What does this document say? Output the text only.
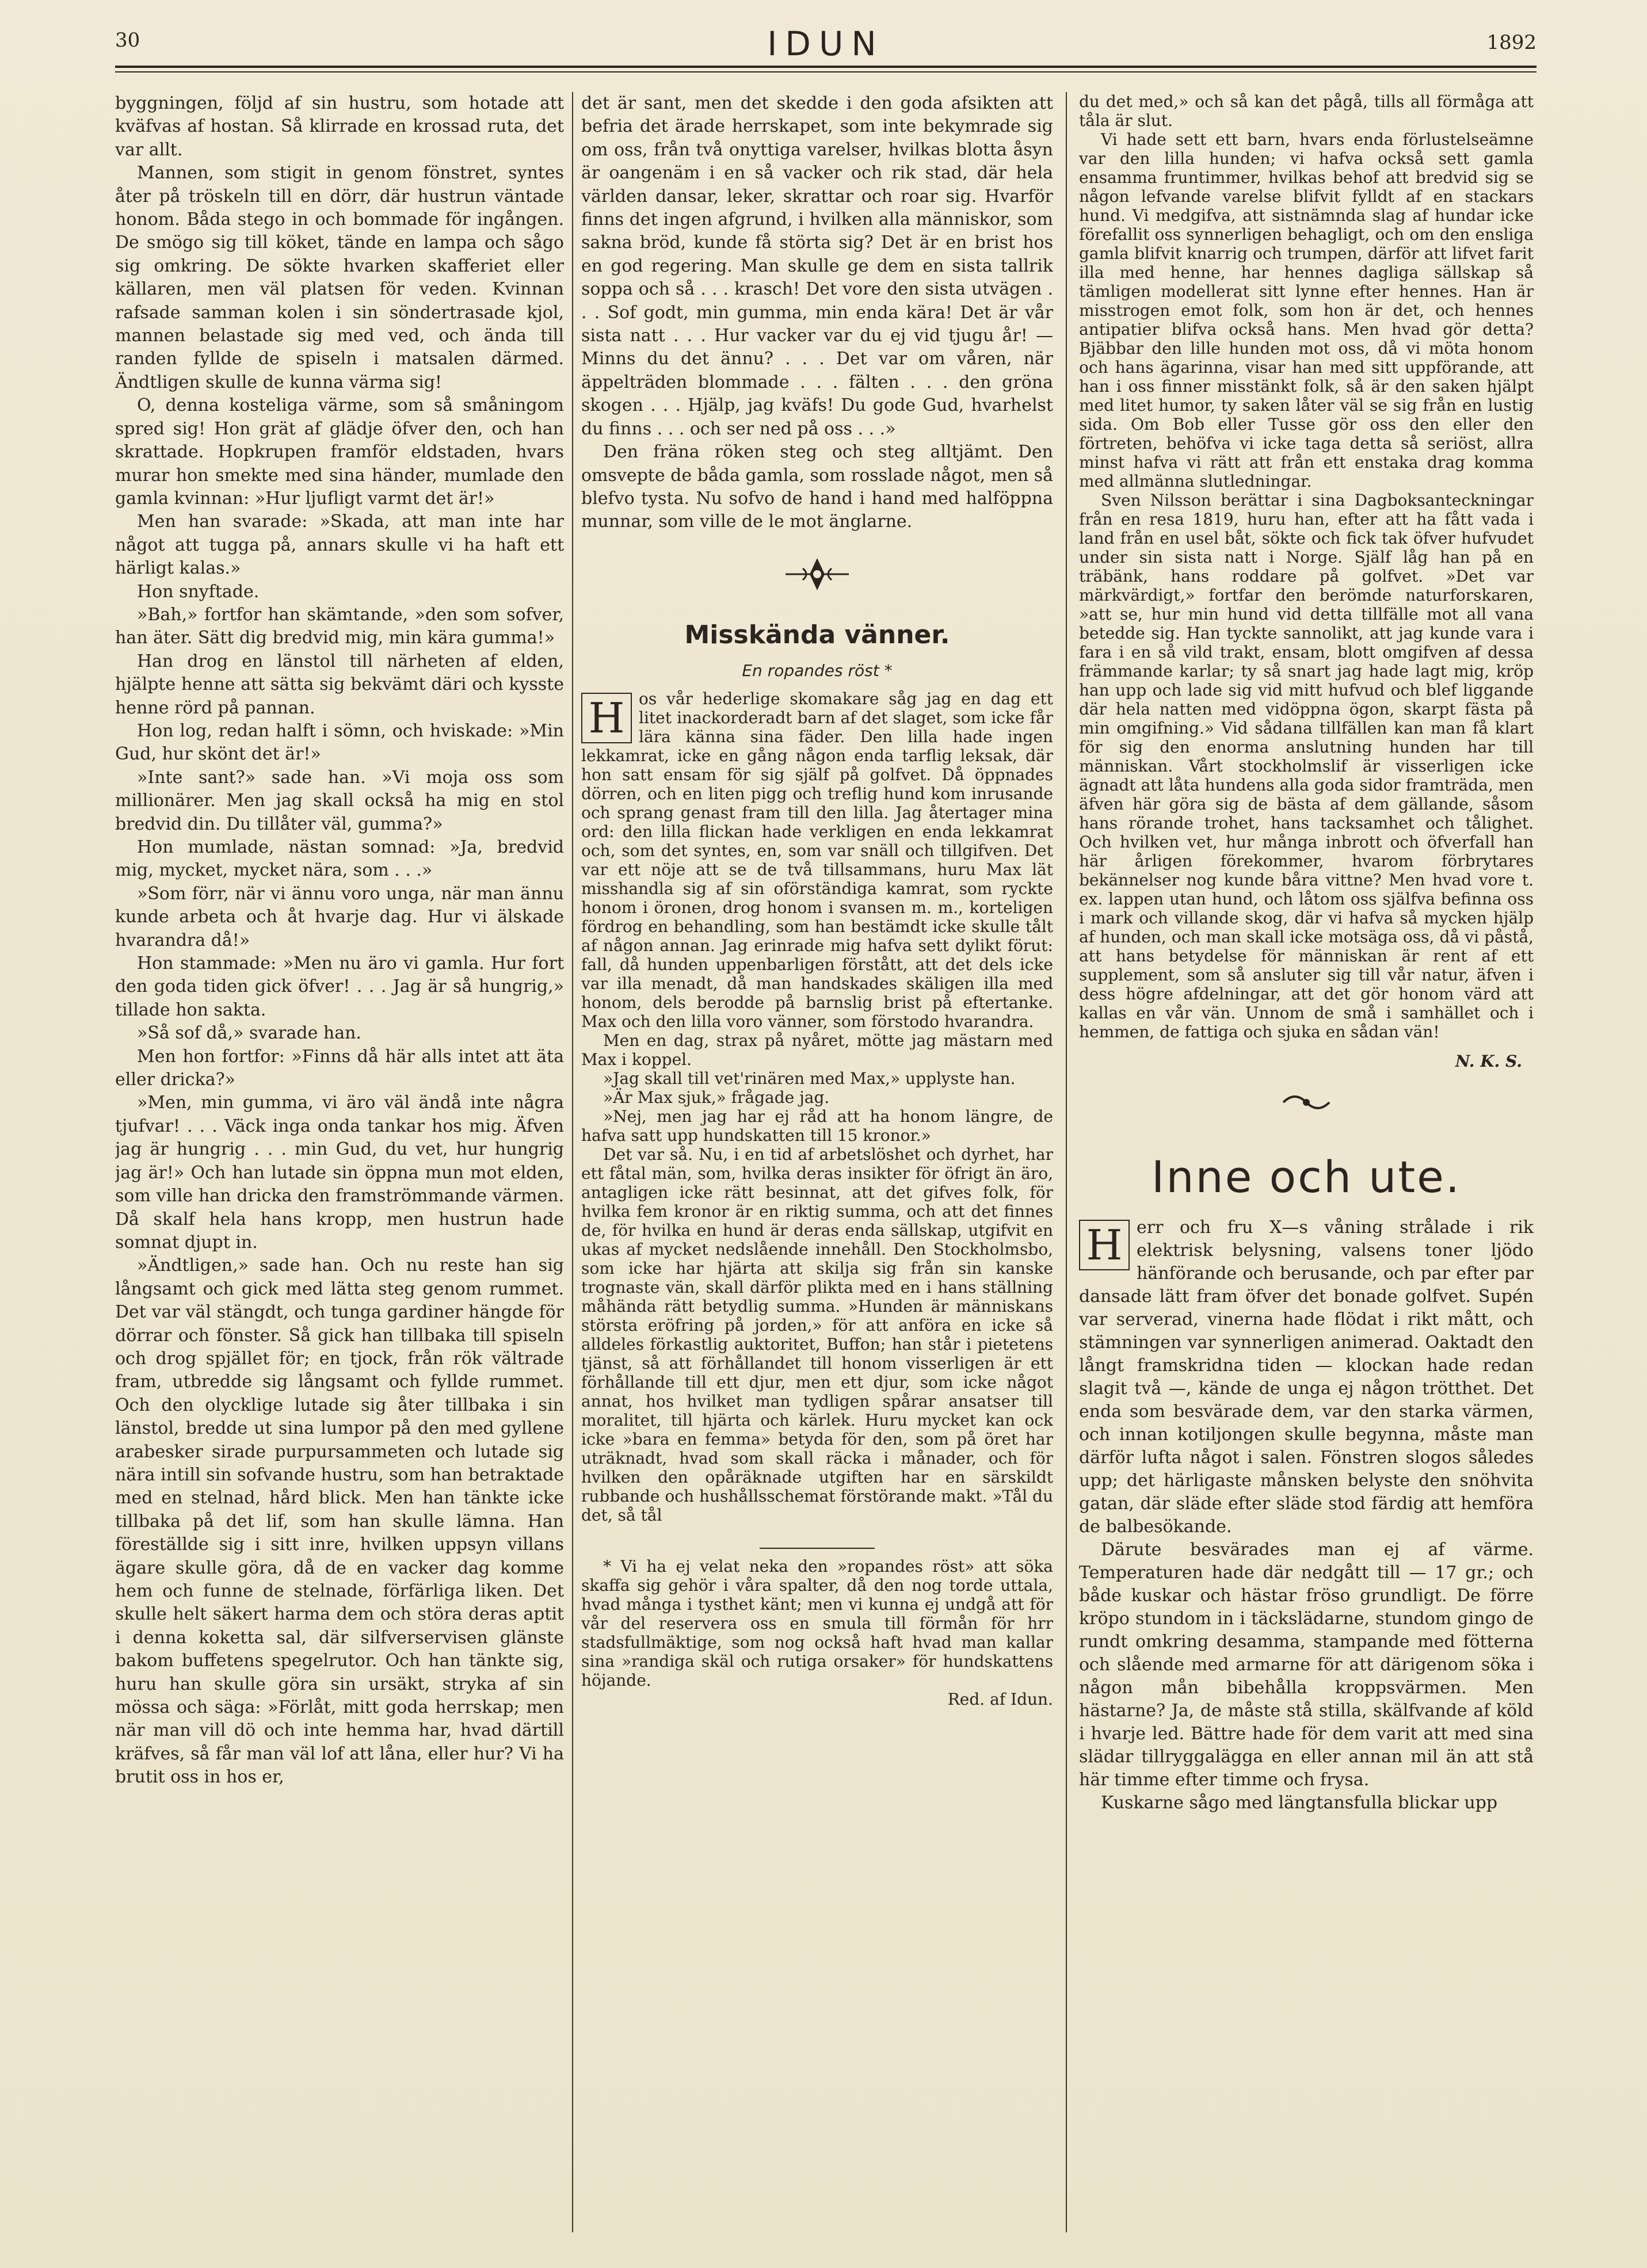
30	IDUN	1892

byggningen, följd af sin hustru, som hotade att kväfvas af hostan. Så klirrade en krossad ruta, det var allt.

Mannen, som stigit in genom fönstret, syntes åter på tröskeln till en dörr, där hustrun väntade honom. Båda stego in och bommade för ingången. De smögo sig till köket, tände en lampa och sågo sig omkring. De sökte hvarken skafferiet eller källaren, men väl platsen för veden. Kvinnan rafsade samman kolen i sin söndertrasade kjol, mannen belastade sig med ved, och ända till randen fyllde de spiseln i matsalen därmed. Ändtligen skulle de kunna värma sig!

O, denna kosteliga värme, som så småningom spred sig! Hon grät af glädje öfver den, och han skrattade. Hopkrupen framför eldstaden, hvars murar hon smekte med sina händer, mumlade den gamla kvinnan: »Hur ljufligt varmt det är!»

Men han svarade: »Skada, att man inte har något att tugga på, annars skulle vi ha haft ett härligt kalas.»

Hon snyftade.

»Bah,» fortfor han skämtande, »den som sofver, han äter. Sätt dig bredvid mig, min kära gumma!»

Han drog en länstol till närheten af elden, hjälpte henne att sätta sig bekvämt däri och kysste henne rörd på pannan.

Hon log, redan halft i sömn, och hviskade: »Min Gud, hur skönt det är!»

»Inte sant?» sade han. »Vi moja oss som millionärer. Men jag skall också ha mig en stol bredvid din. Du tillåter väl, gumma?»

Hon mumlade, nästan somnad: »Ja, bredvid mig, mycket, mycket nära, som . . .»

»Som förr, när vi ännu voro unga, när man ännu kunde arbeta och åt hvarje dag. Hur vi älskade hvarandra då!»

Hon stammade: »Men nu äro vi gamla. Hur fort den goda tiden gick öfver! . . . Jag är så hungrig,» tillade hon sakta.

»Så sof då,» svarade han.

Men hon fortfor: »Finns då här alls intet att äta eller dricka?»

»Men, min gumma, vi äro väl ändå inte några tjufvar! . . . Väck inga onda tankar hos mig. Äfven jag är hungrig . . . min Gud, du vet, hur hungrig jag är!» Och han lutade sin öppna mun mot elden, som ville han dricka den framströmmande värmen. Då skalf hela hans kropp, men hustrun hade somnat djupt in.

»Ändtligen,» sade han. Och nu reste han sig långsamt och gick med lätta steg genom rummet. Det var väl stängdt, och tunga gardiner hängde för dörrar och fönster. Så gick han tillbaka till spiseln och drog spjället för; en tjock, från rök vältrade fram, utbredde sig långsamt och fyllde rummet. Och den olycklige lutade sig åter tillbaka i sin länstol, bredde ut sina lumpor på den med gyllene arabesker sirade purpursammeten och lutade sig nära intill sin sofvande hustru, som han betraktade med en stelnad, hård blick. Men han tänkte icke tillbaka på det lif, som han skulle lämna. Han föreställde sig i sitt inre, hvilken uppsyn villans ägare skulle göra, då de en vacker dag komme hem och funne de stelnade, förfärliga liken. Det skulle helt säkert harma dem och störa deras aptit i denna koketta sal, där silfverservisen glänste bakom buffetens spegelrutor. Och han tänkte sig, huru han skulle göra sin ursäkt, stryka af sin mössa och säga: »Förlåt, mitt goda herrskap; men när man vill dö och inte hemma har, hvad därtill kräfves, så får man väl lof att låna, eller hur? Vi ha brutit oss in hos er,

det är sant, men det skedde i den goda afsikten att befria det ärade herrskapet, som inte bekymrade sig om oss, från två onyttiga varelser, hvilkas blotta åsyn är oangenäm i en så vacker och rik stad, där hela världen dansar, leker, skrattar och roar sig. Hvarför finns det ingen afgrund, i hvilken alla människor, som sakna bröd, kunde få störta sig? Det är en brist hos en god regering. Man skulle ge dem en sista tallrik soppa och så . . . krasch! Det vore den sista utvägen . . . Sof godt, min gumma, min enda kära! Det är vår sista natt . . . Hur vacker var du ej vid tjugu år! — Minns du det ännu? . . . Det var om våren, när äppelträden blommade . . . fälten . . . den gröna skogen . . . Hjälp, jag kväfs! Du gode Gud, hvarhelst du finns . . . och ser ned på oss . . .»

Den fräna röken steg och steg alltjämt. Den omsvepte de båda gamla, som rosslade något, men så blefvo tysta. Nu sofvo de hand i hand med halföppna munnar, som ville de le mot änglarne.

Misskända vänner.
En ropandes röst *

H os vår hederlige skomakare såg jag en dag ett litet inackorderadt barn af det slaget, som icke får lära känna sina fäder. Den lilla hade ingen lekkamrat, icke en gång någon enda tarflig leksak, där hon satt ensam för sig själf på golfvet. Då öppnades dörren, och en liten pigg och treflig hund kom inrusande och sprang genast fram till den lilla. Jag återtager mina ord: den lilla flickan hade verkligen en enda lekkamrat och, som det syntes, en, som var snäll och tillgifven. Det var ett nöje att se de två tillsammans, huru Max lät misshandla sig af sin oförständiga kamrat, som ryckte honom i öronen, drog honom i svansen m. m., korteligen fördrog en behandling, som han bestämdt icke skulle tålt af någon annan. Jag erinrade mig hafva sett dylikt förut: fall, då hunden uppenbarligen förstått, att det dels icke var illa menadt, då man handskades skäligen illa med honom, dels berodde på barnslig brist på eftertanke. Max och den lilla voro vänner, som förstodo hvarandra.

Men en dag, strax på nyåret, mötte jag mästarn med Max i koppel.

»Jag skall till vet'rinären med Max,» upplyste han.

»Är Max sjuk,» frågade jag.

»Nej, men jag har ej råd att ha honom längre, de hafva satt upp hundskatten till 15 kronor.»

Det var så. Nu, i en tid af arbetslöshet och dyrhet, har ett fåtal män, som, hvilka deras insikter för öfrigt än äro, antagligen icke rätt besinnat, att det gifves folk, för hvilka fem kronor är en riktig summa, och att det finnes de, för hvilka en hund är deras enda sällskap, utgifvit en ukas af mycket nedslående innehåll. Den Stockholmsbo, som icke har hjärta att skilja sig från sin kanske trognaste vän, skall därför plikta med en i hans ställning måhända rätt betydlig summa. »Hunden är människans största eröfring på jorden,» för att anföra en icke så alldeles förkastlig auktoritet, Buffon; han står i pietetens tjänst, så att förhållandet till honom visserligen är ett förhållande till ett djur, men ett djur, som icke något annat, hos hvilket man tydligen spårar ansatser till moralitet, till hjärta och kärlek. Huru mycket kan ock icke »bara en femma» betyda för den, som på öret har uträknadt, hvad som skall räcka i månader, och för hvilken den opåräknade utgiften har en särskildt rubbande och hushållsschemat förstörande makt. »Tål du det, så tål

* Vi ha ej velat neka den »ropandes röst» att söka skaffa sig gehör i våra spalter, då den nog torde uttala, hvad många i tysthet känt; men vi kunna ej undgå att för vår del reservera oss en smula till förmån för hrr stadsfullmäktige, som nog också haft hvad man kallar sina »randiga skäl och rutiga orsaker» för hundskattens höjande.

Red. af Idun.

du det med,» och så kan det pågå, tills all förmåga att tåla är slut.

Vi hade sett ett barn, hvars enda förlustelseämne var den lilla hunden; vi hafva också sett gamla ensamma fruntimmer, hvilkas behof att bredvid sig se någon lefvande varelse blifvit fylldt af en stackars hund. Vi medgifva, att sistnämnda slag af hundar icke förefallit oss synnerligen behagligt, och om den ensliga gamla blifvit knarrig och trumpen, därför att lifvet farit illa med henne, har hennes dagliga sällskap så tämligen modellerat sitt lynne efter hennes. Han är misstrogen emot folk, som hon är det, och hennes antipatier blifva också hans. Men hvad gör detta? Bjäbbar den lille hunden mot oss, då vi möta honom och hans ägarinna, visar han med sitt uppförande, att han i oss finner misstänkt folk, så är den saken hjälpt med litet humor, ty saken låter väl se sig från en lustig sida. Om Bob eller Tusse gör oss den eller den förtreten, behöfva vi icke taga detta så seriöst, allra minst hafva vi rätt att från ett enstaka drag komma med allmänna slutledningar.

Sven Nilsson berättar i sina Dagboksanteckningar från en resa 1819, huru han, efter att ha fått vada i land från en usel båt, sökte och fick tak öfver hufvudet under sin sista natt i Norge. Själf låg han på en träbänk, hans roddare på golfvet. »Det var märkvärdigt,» fortfar den berömde naturforskaren, »att se, hur min hund vid detta tillfälle mot all vana betedde sig. Han tyckte sannolikt, att jag kunde vara i fara i en så vild trakt, ensam, blott omgifven af dessa främmande karlar; ty så snart jag hade lagt mig, kröp han upp och lade sig vid mitt hufvud och blef liggande där hela natten med vidöppna ögon, skarpt fästa på min omgifning.» Vid sådana tillfällen kan man få klart för sig den enorma anslutning hunden har till människan. Vårt stockholmslif är visserligen icke ägnadt att låta hundens alla goda sidor framträda, men äfven här göra sig de bästa af dem gällande, såsom hans rörande trohet, hans tacksamhet och tålighet. Och hvilken vet, hur många inbrott och öfverfall han här årligen förekommer, hvarom förbrytares bekännelser nog kunde båra vittne? Men hvad vore t. ex. lappen utan hund, och låtom oss själfva befinna oss i mark och villande skog, där vi hafva så mycken hjälp af hunden, och man skall icke motsäga oss, då vi påstå, att hans betydelse för människan är rent af ett supplement, som så ansluter sig till vår natur, äfven i dess högre afdelningar, att det gör honom värd att kallas en vår vän. Unnom de små i samhället och i hemmen, de fattiga och sjuka en sådan vän!

N. K. S.

Inne och ute.

H err och fru X—s våning strålade i rik elektrisk belysning, valsens toner ljödo hänförande och berusande, och par efter par dansade lätt fram öfver det bonade golfvet. Supén var serverad, vinerna hade flödat i rikt mått, och stämningen var synnerligen animerad. Oaktadt den långt framskridna tiden — klockan hade redan slagit två —, kände de unga ej någon trötthet. Det enda som besvärade dem, var den starka värmen, och innan kotiljongen skulle begynna, måste man därför lufta något i salen. Fönstren slogos således upp; det härligaste månsken belyste den snöhvita gatan, där släde efter släde stod färdig att hemföra de balbesökande.

Därute besvärades man ej af värme. Temperaturen hade där nedgått till — 17 gr.; och både kuskar och hästar fröso grundligt. De förre kröpo stundom in i täckslädarne, stundom gingo de rundt omkring desamma, stampande med fötterna och slående med armarne för att därigenom söka i någon mån bibehålla kroppsvärmen. Men hästarne? Ja, de måste stå stilla, skälfvande af köld i hvarje led. Bättre hade för dem varit att med sina slädar tillryggalägga en eller annan mil än att stå här timme efter timme och frysa.

Kuskarne sågo med längtansfulla blickar upp
